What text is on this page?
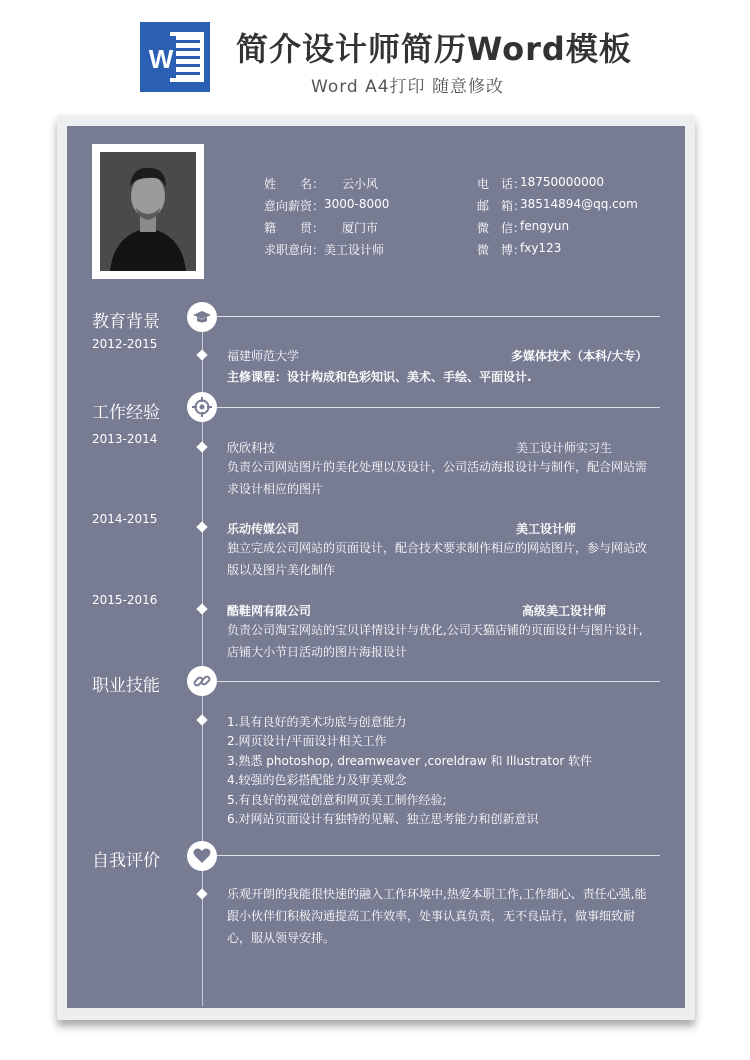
W 简介设计师简历Word模板
Word A4打印 随意修改
姓　　名： 云小风
意向薪资： 3000-8000
籍　　贯： 厦门市
求职意向： 美工设计师
电　话：
18750000000
邮　箱：
38514894@qq.com
微　信：
fengyun
微　博：
fxy123
教育背景
2012-2015
福建师范大学	多媒体技术（本科/大专）
主修课程：设计构成和色彩知识、美术、手绘、平面设计.
工作经验
2013-2014
欣欣科技	美工设计师实习生
负责公司网站图片的美化处理以及设计，公司活动海报设计与制作，配合网站需求设计相应的图片
2014-2015
乐动传媒公司	美工设计师
独立完成公司网站的页面设计，配合技术要求制作相应的网站图片，参与网站改版以及图片美化制作
2015-2016
酷鞋网有限公司	高级美工设计师
负责公司淘宝网站的宝贝详情设计与优化,公司天猫店铺的页面设计与图片设计,店铺大小节日活动的图片海报设计
职业技能
1.具有良好的美术功底与创意能力
2.网页设计/平面设计相关工作
3.熟悉 photoshop, dreamweaver ,coreldraw 和 Illustrator 软件
4.较强的色彩搭配能力及审美观念
5.有良好的视觉创意和网页美工制作经验;
6.对网站页面设计有独特的见解、独立思考能力和创新意识
自我评价
乐观开朗的我能很快速的融入工作环境中,热爱本职工作,工作细心、责任心强,能跟小伙伴们积极沟通提高工作效率，处事认真负责，无不良品行，做事细致耐心，服从领导安排。
